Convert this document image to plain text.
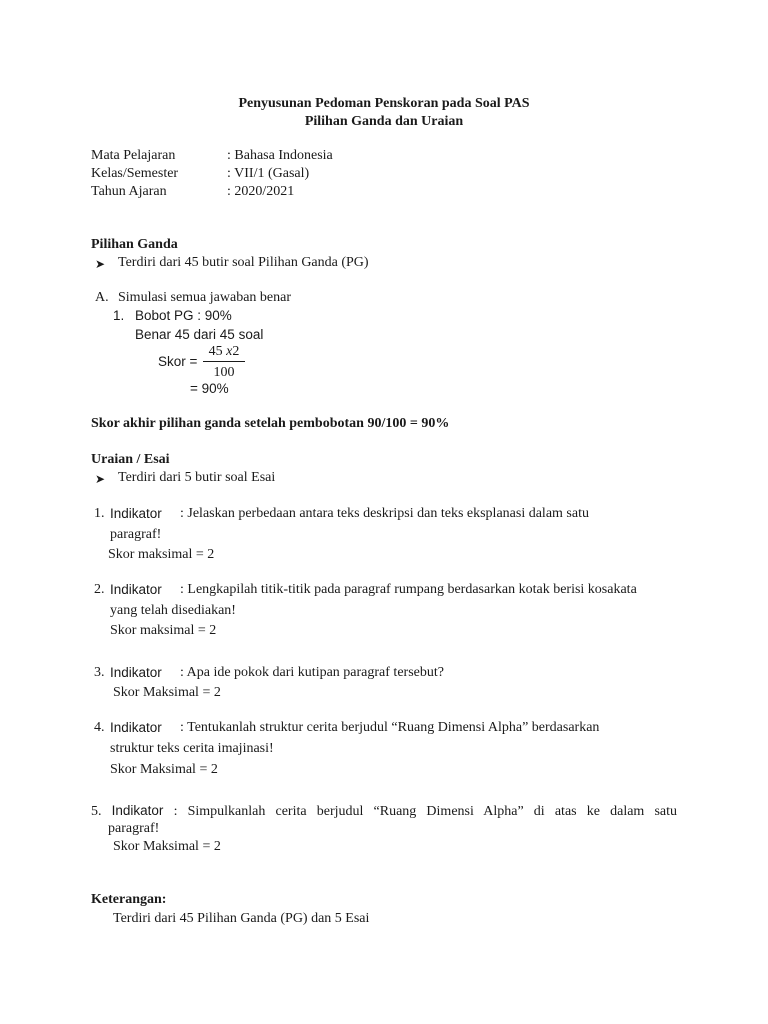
Penyusunan Pedoman Penskoran pada Soal PAS
Pilihan Ganda dan Uraian
Mata Pelajaran	: Bahasa Indonesia
Kelas/Semester	: VII/1 (Gasal)
Tahun Ajaran	: 2020/2021
Pilihan Ganda
➤ Terdiri dari 45 butir soal Pilihan Ganda (PG)
A. Simulasi semua jawaban benar
1. Bobot PG : 90%
Benar 45 dari 45 soal
Skor =
45 x2
100
= 90%
Skor akhir pilihan ganda setelah pembobotan 90/100 = 90%
Uraian / Esai
➤ Terdiri dari 5 butir soal Esai
1. Indikator : Jelaskan perbedaan antara teks deskripsi dan teks eksplanasi dalam satu
paragraf!
Skor maksimal = 2
2. Indikator : Lengkapilah titik-titik pada paragraf rumpang berdasarkan kotak berisi kosakata
yang telah disediakan!
Skor maksimal = 2
3. Indikator : Apa ide pokok dari kutipan paragraf tersebut?
Skor Maksimal = 2
4. Indikator : Tentukanlah struktur cerita berjudul “Ruang Dimensi Alpha” berdasarkan
struktur teks cerita imajinasi!
Skor Maksimal = 2
5. Indikator : Simpulkanlah cerita berjudul “Ruang Dimensi Alpha” di atas ke dalam satu
paragraf!
Skor Maksimal = 2
Keterangan:
Terdiri dari 45 Pilihan Ganda (PG) dan 5 Esai
